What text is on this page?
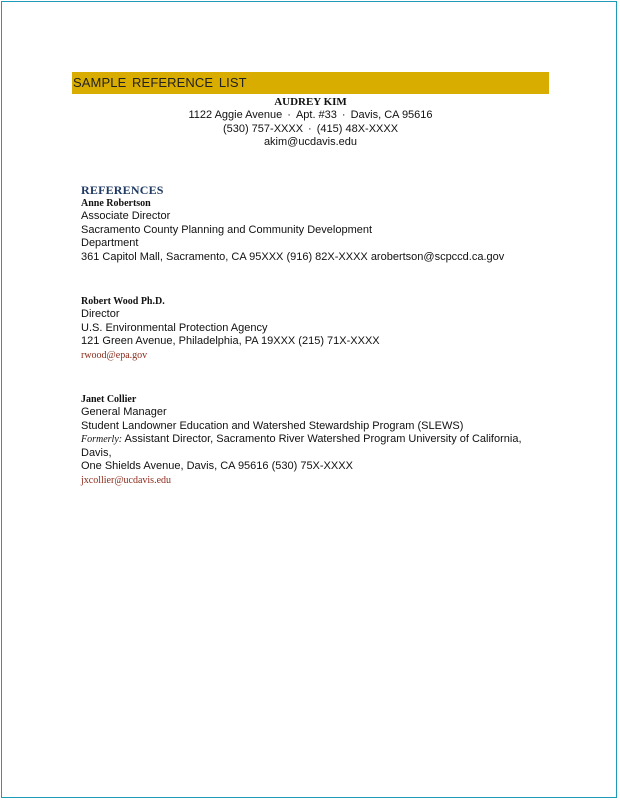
SAMPLE REFERENCE LIST
AUDREY KIM
1122 Aggie Avenue · Apt. #33 · Davis, CA 95616
(530) 757-XXXX · (415) 48X-XXXX
akim@ucdavis.edu
REFERENCES
Anne Robertson
Associate Director
Sacramento County Planning and Community Development
Department
361 Capitol Mall, Sacramento, CA 95XXX (916) 82X-XXXX arobertson@scpccd.ca.gov
Robert Wood Ph.D.
Director
U.S. Environmental Protection Agency
121 Green Avenue, Philadelphia, PA 19XXX (215) 71X-XXXX
rwood@epa.gov
Janet Collier
General Manager
Student Landowner Education and Watershed Stewardship Program (SLEWS)
Formerly: Assistant Director, Sacramento River Watershed Program University of California, Davis,
One Shields Avenue, Davis, CA 95616 (530) 75X-XXXX
jxcollier@ucdavis.edu
